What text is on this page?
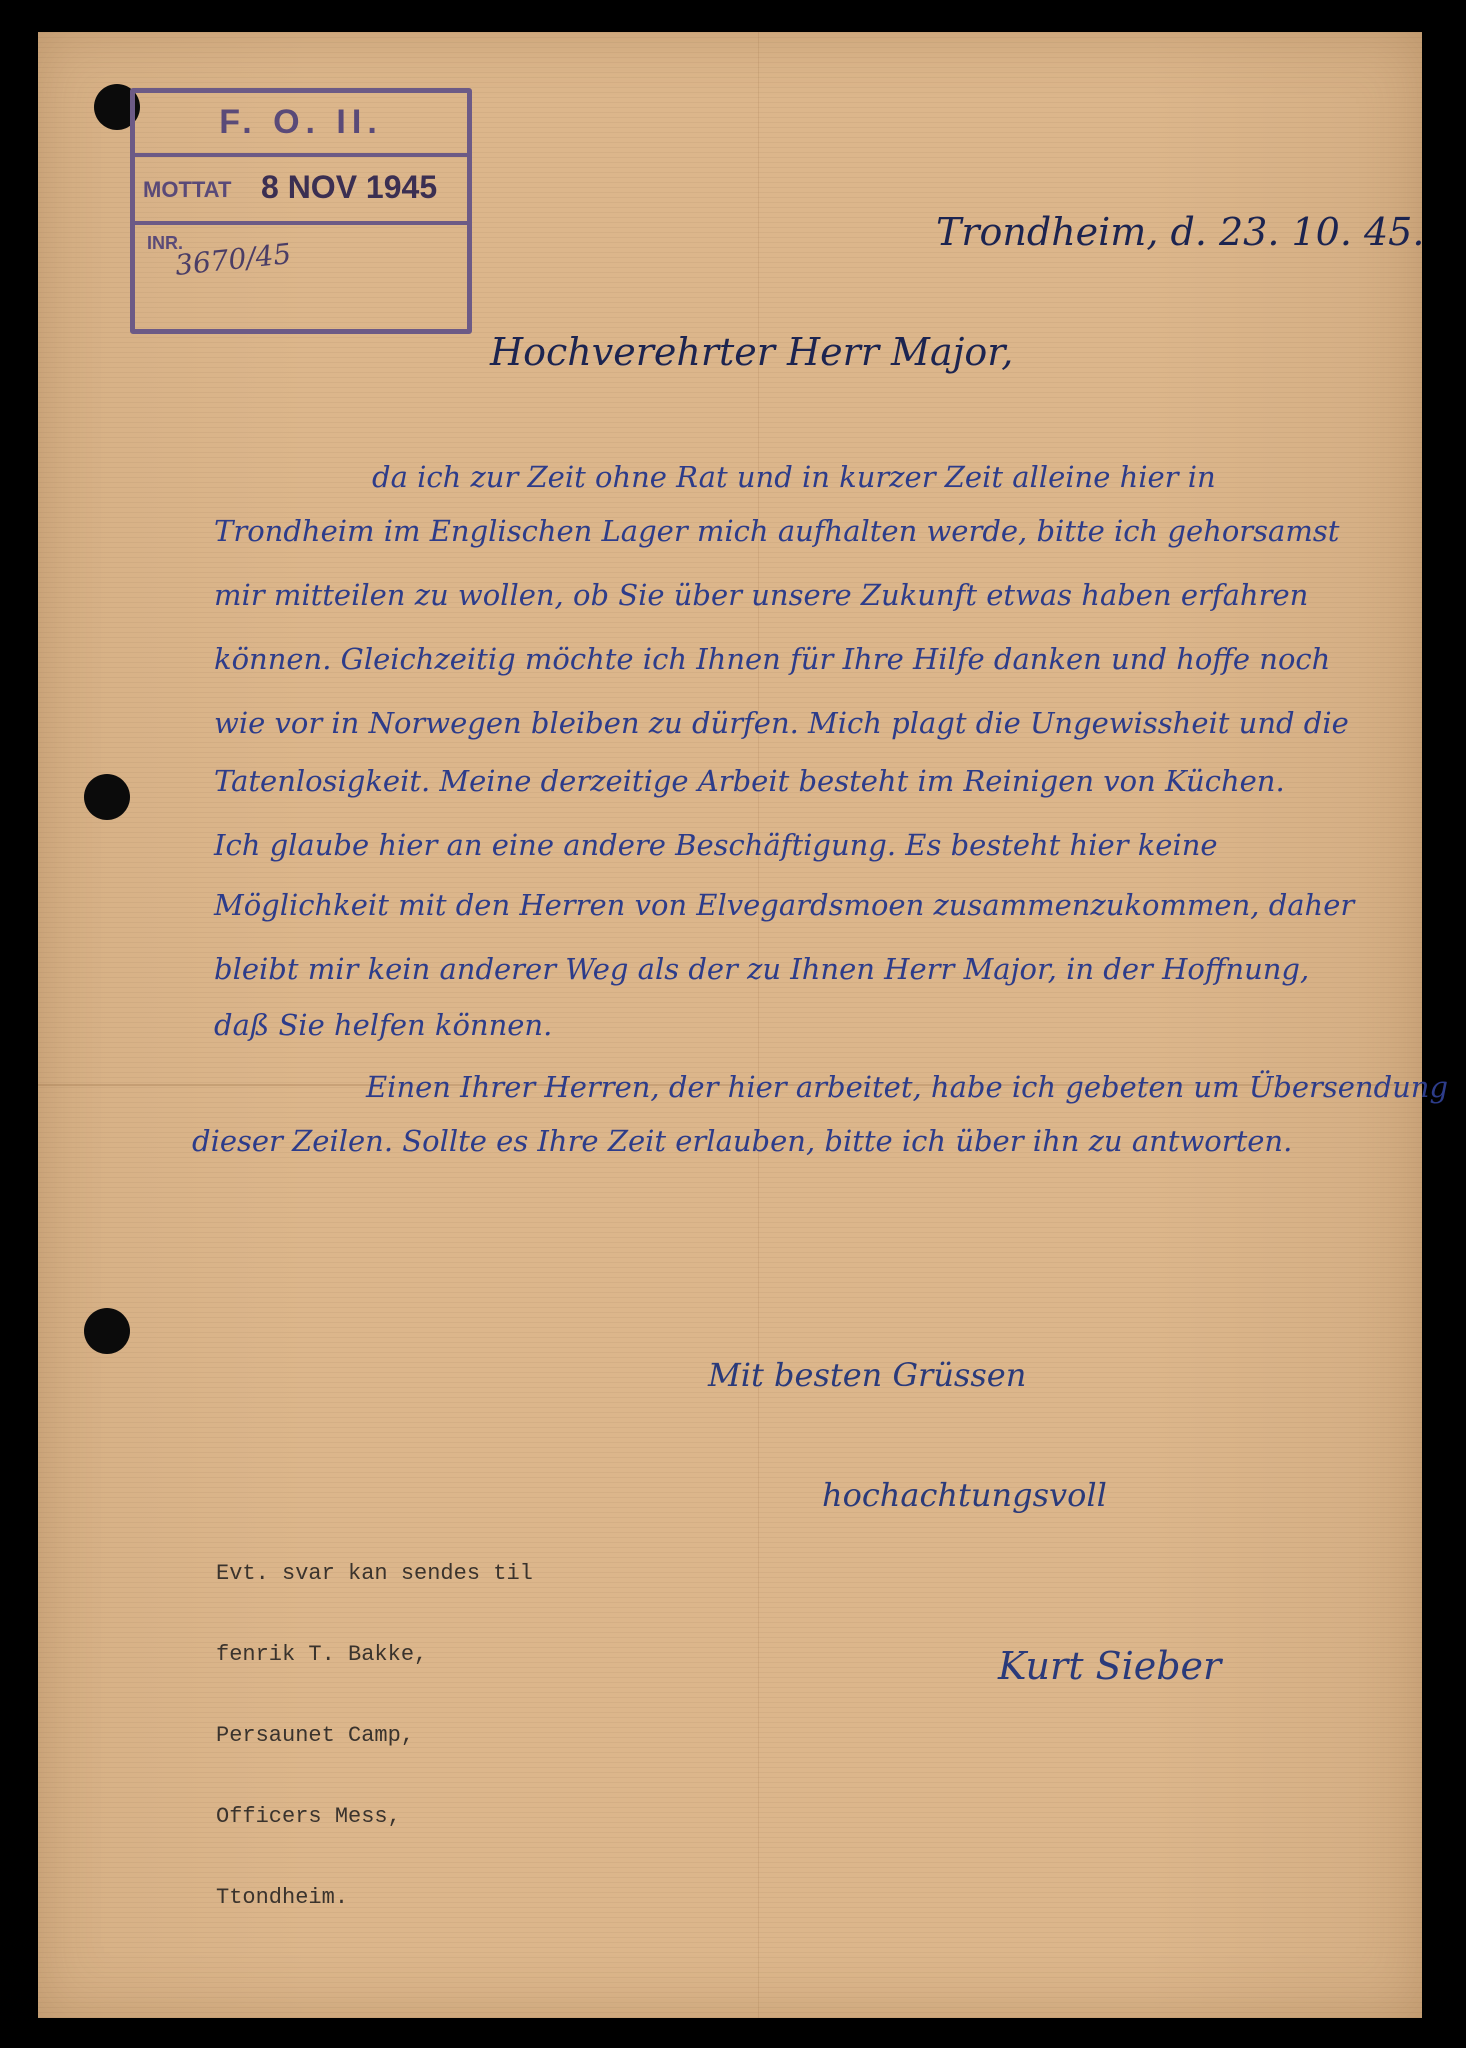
F. O. II.
MOTTAT 8 NOV 1945
INR.
3670/45
Trondheim, d. 23. 10. 45.
Hochverehrter Herr Major,
da ich zur Zeit ohne Rat und in kurzer Zeit alleine hier in
Trondheim im Englischen Lager mich aufhalten werde, bitte ich gehorsamst
mir mitteilen zu wollen, ob Sie über unsere Zukunft etwas haben erfahren
können. Gleichzeitig möchte ich Ihnen für Ihre Hilfe danken und hoffe noch
wie vor in Norwegen bleiben zu dürfen. Mich plagt die Ungewissheit und die
Tatenlosigkeit. Meine derzeitige Arbeit besteht im Reinigen von Küchen.
Ich glaube hier an eine andere Beschäftigung. Es besteht hier keine
Möglichkeit mit den Herren von Elvegardsmoen zusammenzukommen, daher
bleibt mir kein anderer Weg als der zu Ihnen Herr Major, in der Hoffnung,
daß Sie helfen können.
Einen Ihrer Herren, der hier arbeitet, habe ich gebeten um Übersendung
dieser Zeilen. Sollte es Ihre Zeit erlauben, bitte ich über ihn zu antworten.
Mit besten Grüssen
hochachtungsvoll
Kurt Sieber

Evt. svar kan sendes til

fenrik T. Bakke,

Persaunet Camp,

Officers Mess,

Ttondheim.
